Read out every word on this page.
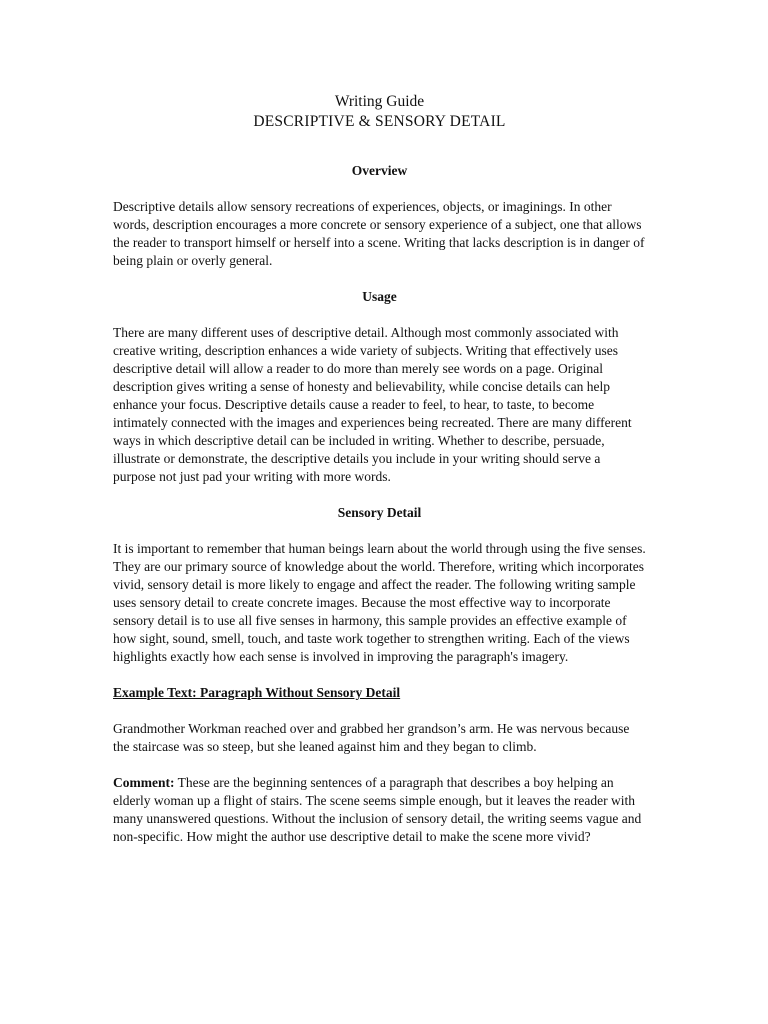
Writing Guide

DESCRIPTIVE & SENSORY DETAIL

Overview

Descriptive details allow sensory recreations of experiences, objects, or imaginings. In other words, description encourages a more concrete or sensory experience of a subject, one that allows the reader to transport himself or herself into a scene. Writing that lacks description is in danger of being plain or overly general.

Usage

There are many different uses of descriptive detail. Although most commonly associated with creative writing, description enhances a wide variety of subjects. Writing that effectively uses descriptive detail will allow a reader to do more than merely see words on a page. Original description gives writing a sense of honesty and believability, while concise details can help enhance your focus. Descriptive details cause a reader to feel, to hear, to taste, to become intimately connected with the images and experiences being recreated. There are many different ways in which descriptive detail can be included in writing. Whether to describe, persuade, illustrate or demonstrate, the descriptive details you include in your writing should serve a purpose not just pad your writing with more words.

Sensory Detail

It is important to remember that human beings learn about the world through using the five senses. They are our primary source of knowledge about the world. Therefore, writing which incorporates vivid, sensory detail is more likely to engage and affect the reader. The following writing sample uses sensory detail to create concrete images. Because the most effective way to incorporate sensory detail is to use all five senses in harmony, this sample provides an effective example of how sight, sound, smell, touch, and taste work together to strengthen writing. Each of the views highlights exactly how each sense is involved in improving the paragraph's imagery.

Example Text: Paragraph Without Sensory Detail

Grandmother Workman reached over and grabbed her grandson’s arm. He was nervous because the staircase was so steep, but she leaned against him and they began to climb.

Comment: These are the beginning sentences of a paragraph that describes a boy helping an elderly woman up a flight of stairs. The scene seems simple enough, but it leaves the reader with many unanswered questions. Without the inclusion of sensory detail, the writing seems vague and non-specific. How might the author use descriptive detail to make the scene more vivid?
